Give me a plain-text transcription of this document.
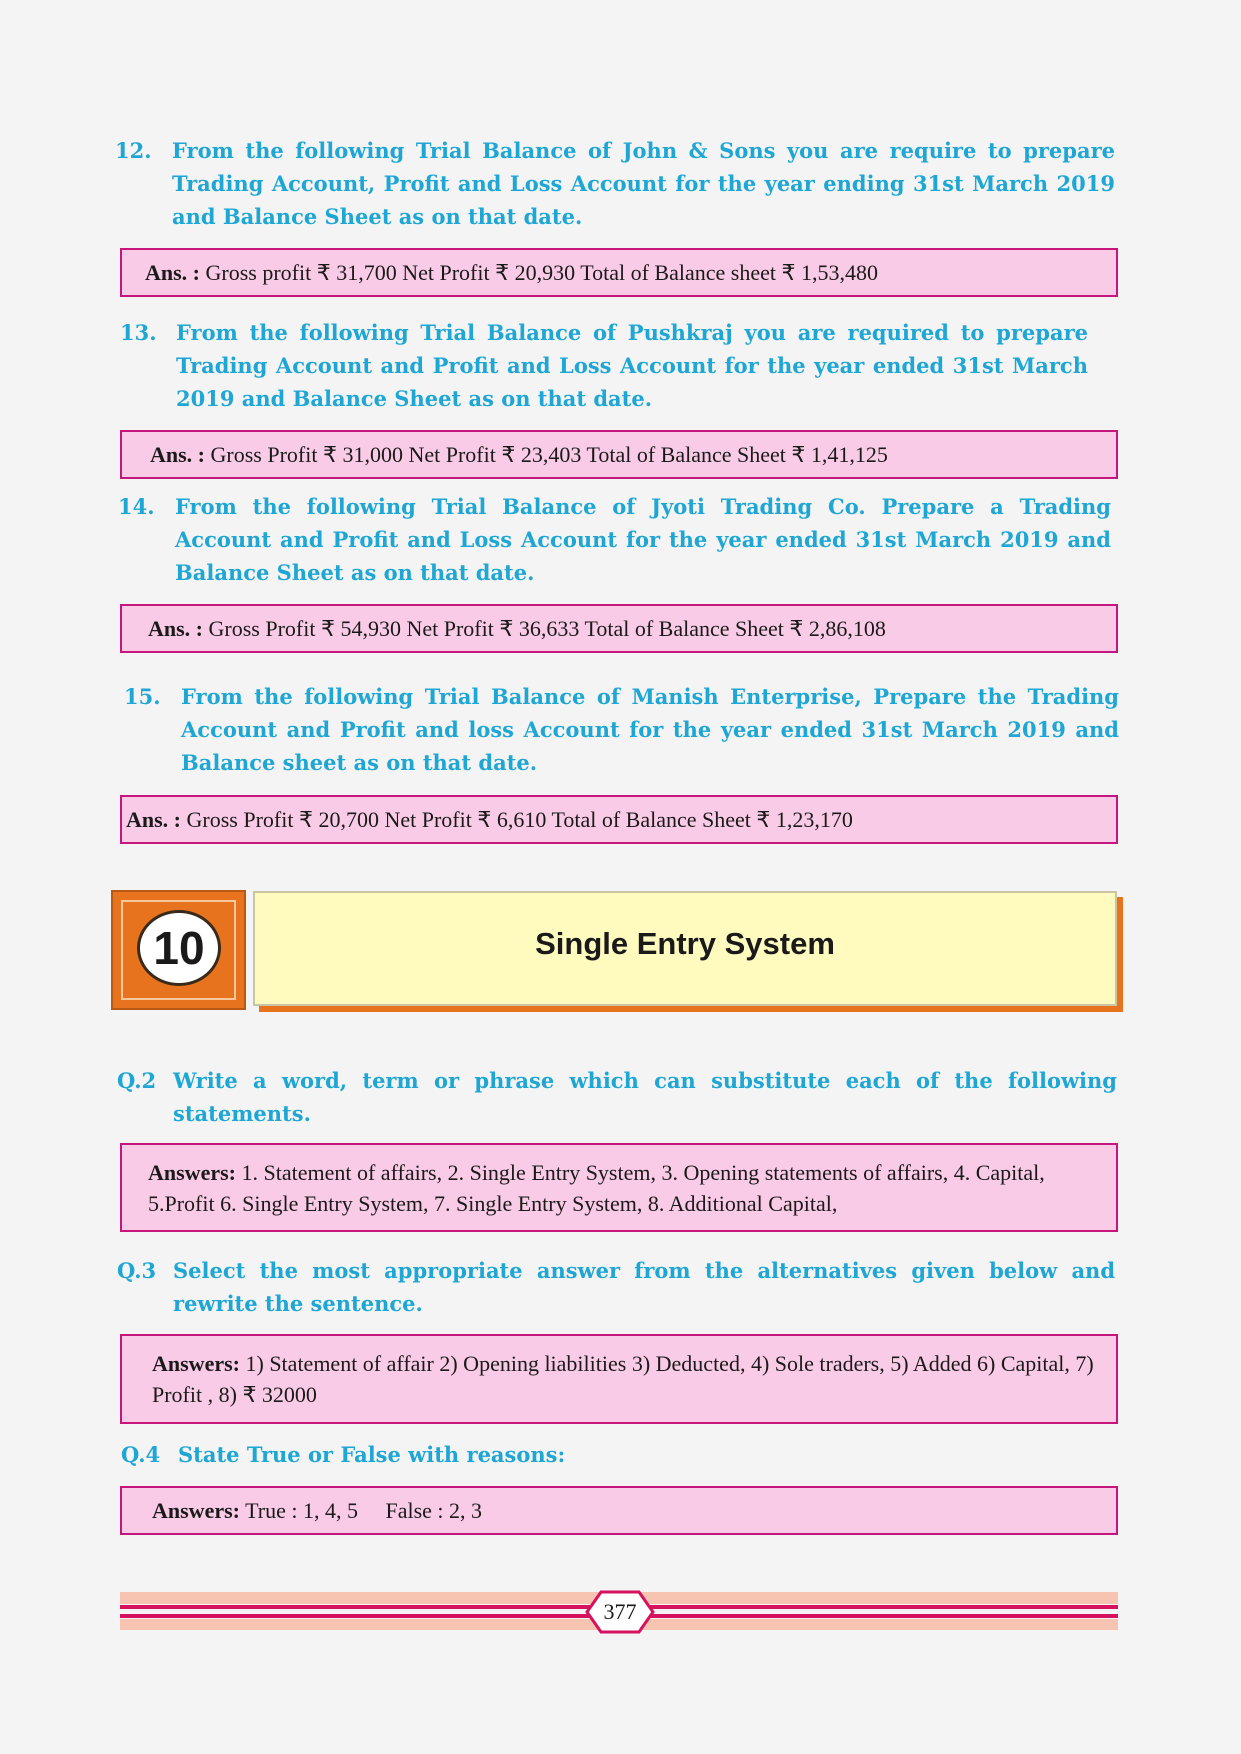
12. From the following Trial Balance of John & Sons you are require to prepare Trading Account, Profit and Loss Account for the year ending 31st March 2019 and Balance Sheet as on that date.
Ans. : Gross profit ₹ 31,700 Net Profit ₹ 20,930 Total of Balance sheet ₹ 1,53,480
13. From the following Trial Balance of Pushkraj you are required to prepare Trading Account and Profit and Loss Account for the year ended 31st March 2019 and Balance Sheet as on that date.
Ans. : Gross Profit ₹ 31,000 Net Profit ₹ 23,403 Total of Balance Sheet ₹ 1,41,125
14. From the following Trial Balance of Jyoti Trading Co. Prepare a Trading Account and Profit and Loss Account for the year ended 31st March 2019 and Balance Sheet as on that date.
Ans. : Gross Profit ₹ 54,930 Net Profit ₹ 36,633 Total of Balance Sheet ₹ 2,86,108
15. From the following Trial Balance of Manish Enterprise, Prepare the Trading Account and Profit and loss Account for the year ended 31st March 2019 and Balance sheet as on that date.
Ans. : Gross Profit ₹ 20,700 Net Profit ₹ 6,610 Total of Balance Sheet ₹ 1,23,170
10	Single Entry System
Q.2 Write a word, term or phrase which can substitute each of the following statements.
Answers: 1. Statement of affairs, 2. Single Entry System, 3. Opening statements of affairs, 4. Capital, 5.Profit 6. Single Entry System, 7. Single Entry System, 8. Additional Capital,
Q.3 Select the most appropriate answer from the alternatives given below and rewrite the sentence.
Answers: 1) Statement of affair 2) Opening liabilities 3) Deducted, 4) Sole traders, 5) Added 6) Capital, 7) Profit , 8) ₹ 32000
Q.4 State True or False with reasons:
Answers: True : 1, 4, 5     False : 2, 3
377
